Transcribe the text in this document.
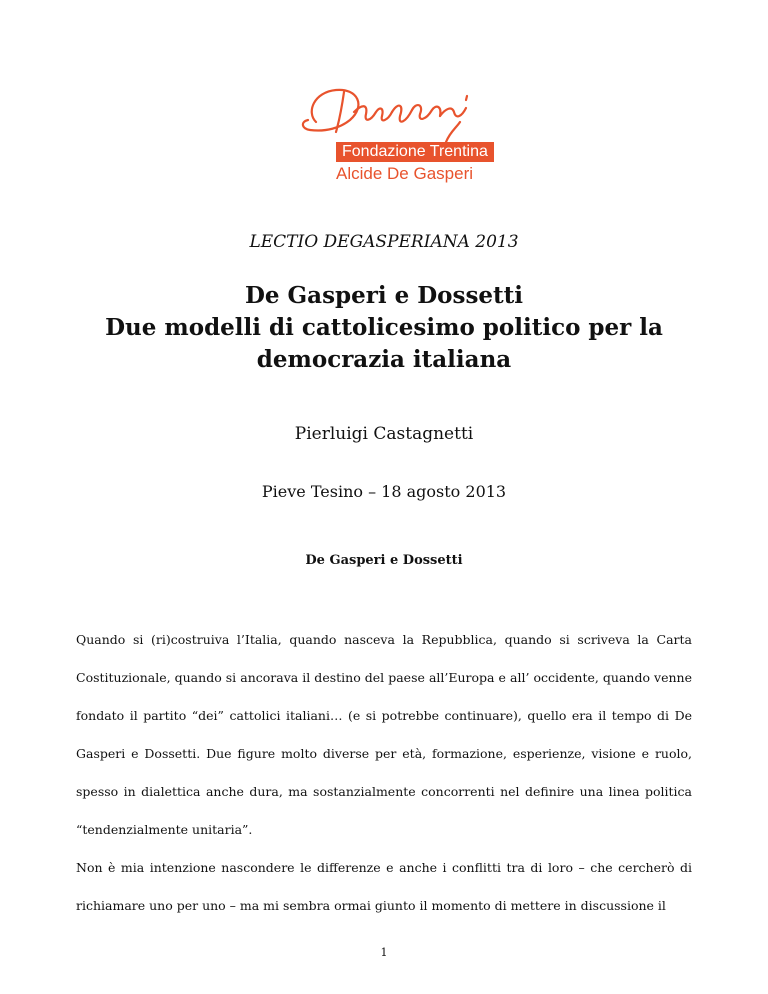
Fondazione Trentina
Alcide De Gasperi
LECTIO DEGASPERIANA 2013
De Gasperi e Dossetti
Due modelli di cattolicesimo politico per la
democrazia italiana
Pierluigi Castagnetti
Pieve Tesino – 18 agosto 2013
De Gasperi e Dossetti

Quando si (ri)costruiva l’Italia, quando nasceva la Repubblica, quando si scriveva la Carta Costituzionale, quando si ancorava il destino del paese all’Europa e all’ occidente, quando venne fondato il partito “dei” cattolici italiani… (e si potrebbe continuare), quello era il tempo di De Gasperi e Dossetti. Due figure molto diverse per età, formazione, esperienze, visione e ruolo, spesso in dialettica anche dura, ma sostanzialmente concorrenti nel definire una linea politica “tendenzialmente unitaria”.

Non è mia intenzione nascondere le differenze e anche i conflitti tra di loro – che cercherò di richiamare uno per uno – ma mi sembra ormai giunto il momento di mettere in discussione il

1
